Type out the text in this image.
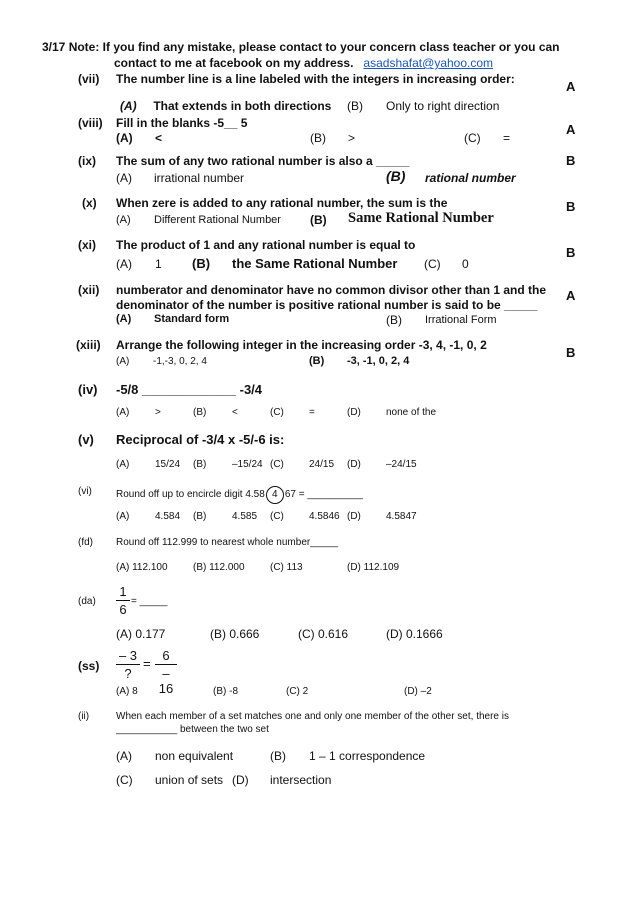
3/17 Note: If you find any mistake, please contact to your concern class teacher or you can
contact to me at facebook on my address. asadshafat@yahoo.com
(vii) The number line is a line labeled with the integers in increasing order:	A
(A) That extends in both directions (B) Only to right direction
(viii) Fill in the blanks -5__ 5	A
(A) <	(B) >	(C) =
(ix) The sum of any two rational number is also a _____	B
(A) irrational number	(B) rational number
(x) When zere is added to any rational number, the sum is the	B
(A) Different Rational Number (B) Same Rational Number
(xi) The product of 1 and any rational number is equal to	B
(A) 1 (B) the Same Rational Number (C) 0
(xii) numberator and denominator have no common divisor other than 1 and the
denominator of the number is positive rational number is said to be _____
A
(A) Standard form	(B) Irrational Form
(xiii) Arrange the following integer in the increasing order -3, 4, -1, 0, 2	B
(A) -1,-3, 0, 2, 4	(B) -3, -1, 0, 2, 4
(iv) -5/8 _____________ -3/4
(A)	>	(B)	<	(C)	=	(D)	none of the
(v) Reciprocal of -3/4 x -5/-6 is:
(A)	15/24 (B)	–15/24 (C)	24/15 (D)	–24/15
(vi) Round off up to encircle digit 4.58 4 67 = __________
(A)	4.584 (B)	4.585 (C)	4.5846 (D)	4.5847
(fd) Round off 112.999 to nearest whole number_____
(A) 112.100	(B) 112.000	(C) 113	(D) 112.109
(da)
1
6
= _____
(A) 0.177	(B) 0.666	(C) 0.616	(D) 0.1666
(ss)
– 3
?
=
6
– 16
(A) 8	(B) -8	(C) 2	(D) –2
(ii)	When each member of a set matches one and only one member of the other set, there is
___________ between the two set
(A) non equivalent	(B) 1 – 1 correspondence
(C) union of sets (D) intersection
